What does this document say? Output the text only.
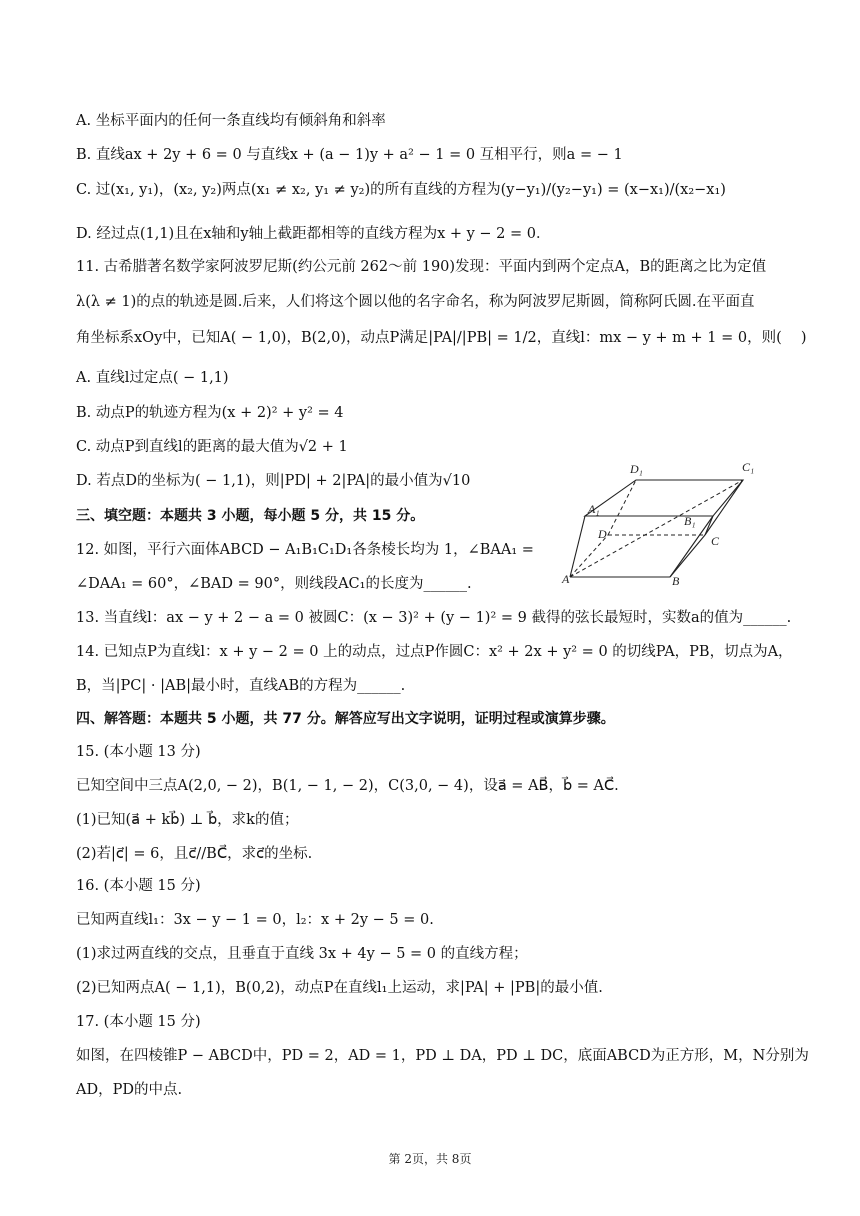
A. 坐标平面内的任何一条直线均有倾斜角和斜率
B. 直线ax + 2y + 6 = 0 与直线x + (a − 1)y + a² − 1 = 0 互相平行，则a = − 1
C. 过(x₁, y₁)，(x₂, y₂)两点(x₁ ≠ x₂, y₁ ≠ y₂)的所有直线的方程为(y−y₁)/(y₂−y₁) = (x−x₁)/(x₂−x₁)
D. 经过点(1,1)且在x轴和y轴上截距都相等的直线方程为x + y − 2 = 0．
11. 古希腊著名数学家阿波罗尼斯(约公元前 262～前 190)发现：平面内到两个定点A，B的距离之比为定值
λ(λ ≠ 1)的点的轨迹是圆.后来，人们将这个圆以他的名字命名，称为阿波罗尼斯圆，简称阿氏圆.在平面直
角坐标系xOy中，已知A( − 1,0)，B(2,0)，动点P满足|PA|/|PB| = 1/2，直线l：mx − y + m + 1 = 0，则(　 )
A. 直线l过定点( − 1,1)
B. 动点P的轨迹方程为(x + 2)² + y² = 4
C. 动点P到直线l的距离的最大值为√2 + 1
D. 若点D的坐标为( − 1,1)，则|PD| + 2|PA|的最小值为√10
三、填空题：本题共 3 小题，每小题 5 分，共 15 分。
12. 如图，平行六面体ABCD − A₁B₁C₁D₁各条棱长均为 1，∠BAA₁ =
∠DAA₁ = 60°，∠BAD = 90°，则线段AC₁的长度为______.
13. 当直线l：ax − y + 2 − a = 0 被圆C：(x − 3)² + (y − 1)² = 9 截得的弦长最短时，实数a的值为______.
14. 已知点P为直线l：x + y − 2 = 0 上的动点，过点P作圆C：x² + 2x + y² = 0 的切线PA，PB，切点为A，
B，当|PC| · |AB|最小时，直线AB的方程为______.
四、解答题：本题共 5 小题，共 77 分。解答应写出文字说明，证明过程或演算步骤。
15. (本小题 13 分)
已知空间中三点A(2,0, − 2)，B(1, − 1, − 2)，C(3,0, − 4)，设a⃗ = AB⃗，b⃗ = AC⃗.
(1)已知(a⃗ + kb⃗) ⊥ b⃗，求k的值；
(2)若|c⃗| = 6，且c⃗//BC⃗，求c⃗的坐标.
16. (本小题 15 分)
已知两直线l₁：3x − y − 1 = 0，l₂：x + 2y − 5 = 0.
(1)求过两直线的交点，且垂直于直线 3x + 4y − 5 = 0 的直线方程；
(2)已知两点A( − 1,1)，B(0,2)，动点P在直线l₁上运动，求|PA| + |PB|的最小值.
17. (本小题 15 分)
如图，在四棱锥P − ABCD中，PD = 2，AD = 1，PD ⊥ DA，PD ⊥ DC，底面ABCD为正方形，M，N分别为
AD，PD的中点.
D₁	C₁
A₁
B₁
D	C
A	B
第 2页，共 8页
